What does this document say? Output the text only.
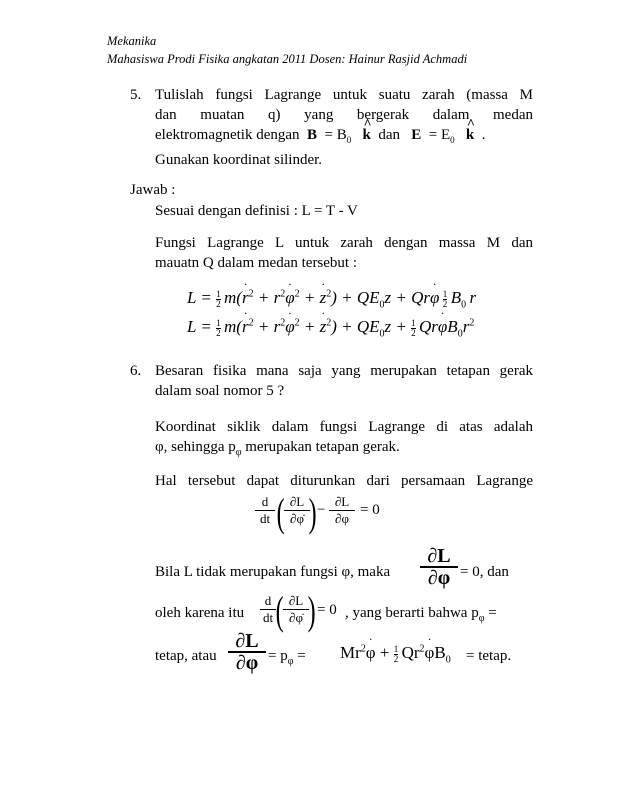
Mekanika
Mahasiswa Prodi Fisika angkatan 2011 Dosen: Hainur Rasjid Achmadi
5. Tulislah fungsi Lagrange untuk suatu zarah (massa M
dan muatan q) yang bergerak dalam medan
elektromagnetik dengan $B = B_0$ ^ k dan $E = E_0$ ^ k .
Gunakan koordinat silinder.
Jawab :
Sesuai dengan definisi : L = T - V
Fungsi Lagrange L untuk zarah dengan massa M dan
mauatn Q dalam medan tersebut :
$L = \frac{1}{2} m(r$
·
$^2 + r^2\varphi$
·
$^2$ + z
·
$^2) + QE_0z + Qr\varphi$
·

$\frac{1}{2} B_0$ r
$L = \frac{1}{2} m(r$
·
$^2 + r^2\varphi$
·
$^2$ + z
·
$^2) + QE_0z + \frac{1}{2}$  Qrφ
·
$B_0r^2$
6. Besaran fisika mana saja yang merupakan tetapan gerak
dalam soal nomor 5 ?
Koordinat siklik dalam fungsi Lagrange di atas adalah
φ, sehingga $p_\varphi$ merupakan tetapan gerak.
Hal tersebut dapat diturunkan dari persamaan Lagrange
d
dt ( ∂L
∂φ̇ ) −
∂L
∂φ
= 0
Bila L tidak merupakan fungsi φ, maka
∂L
∂φ = 0, dan
oleh karena itu
d
dt ( ∂L
∂φ̇ ) = 0 , yang berarti bahwa $p_\varphi$ =
tetap, atau
∂L
$\partial\varphi = p_\varphi = Mr^2\varphi$
·
+ $\frac{1}{2} Qr^2\varphi$
·
$B_0$ = tetap.
